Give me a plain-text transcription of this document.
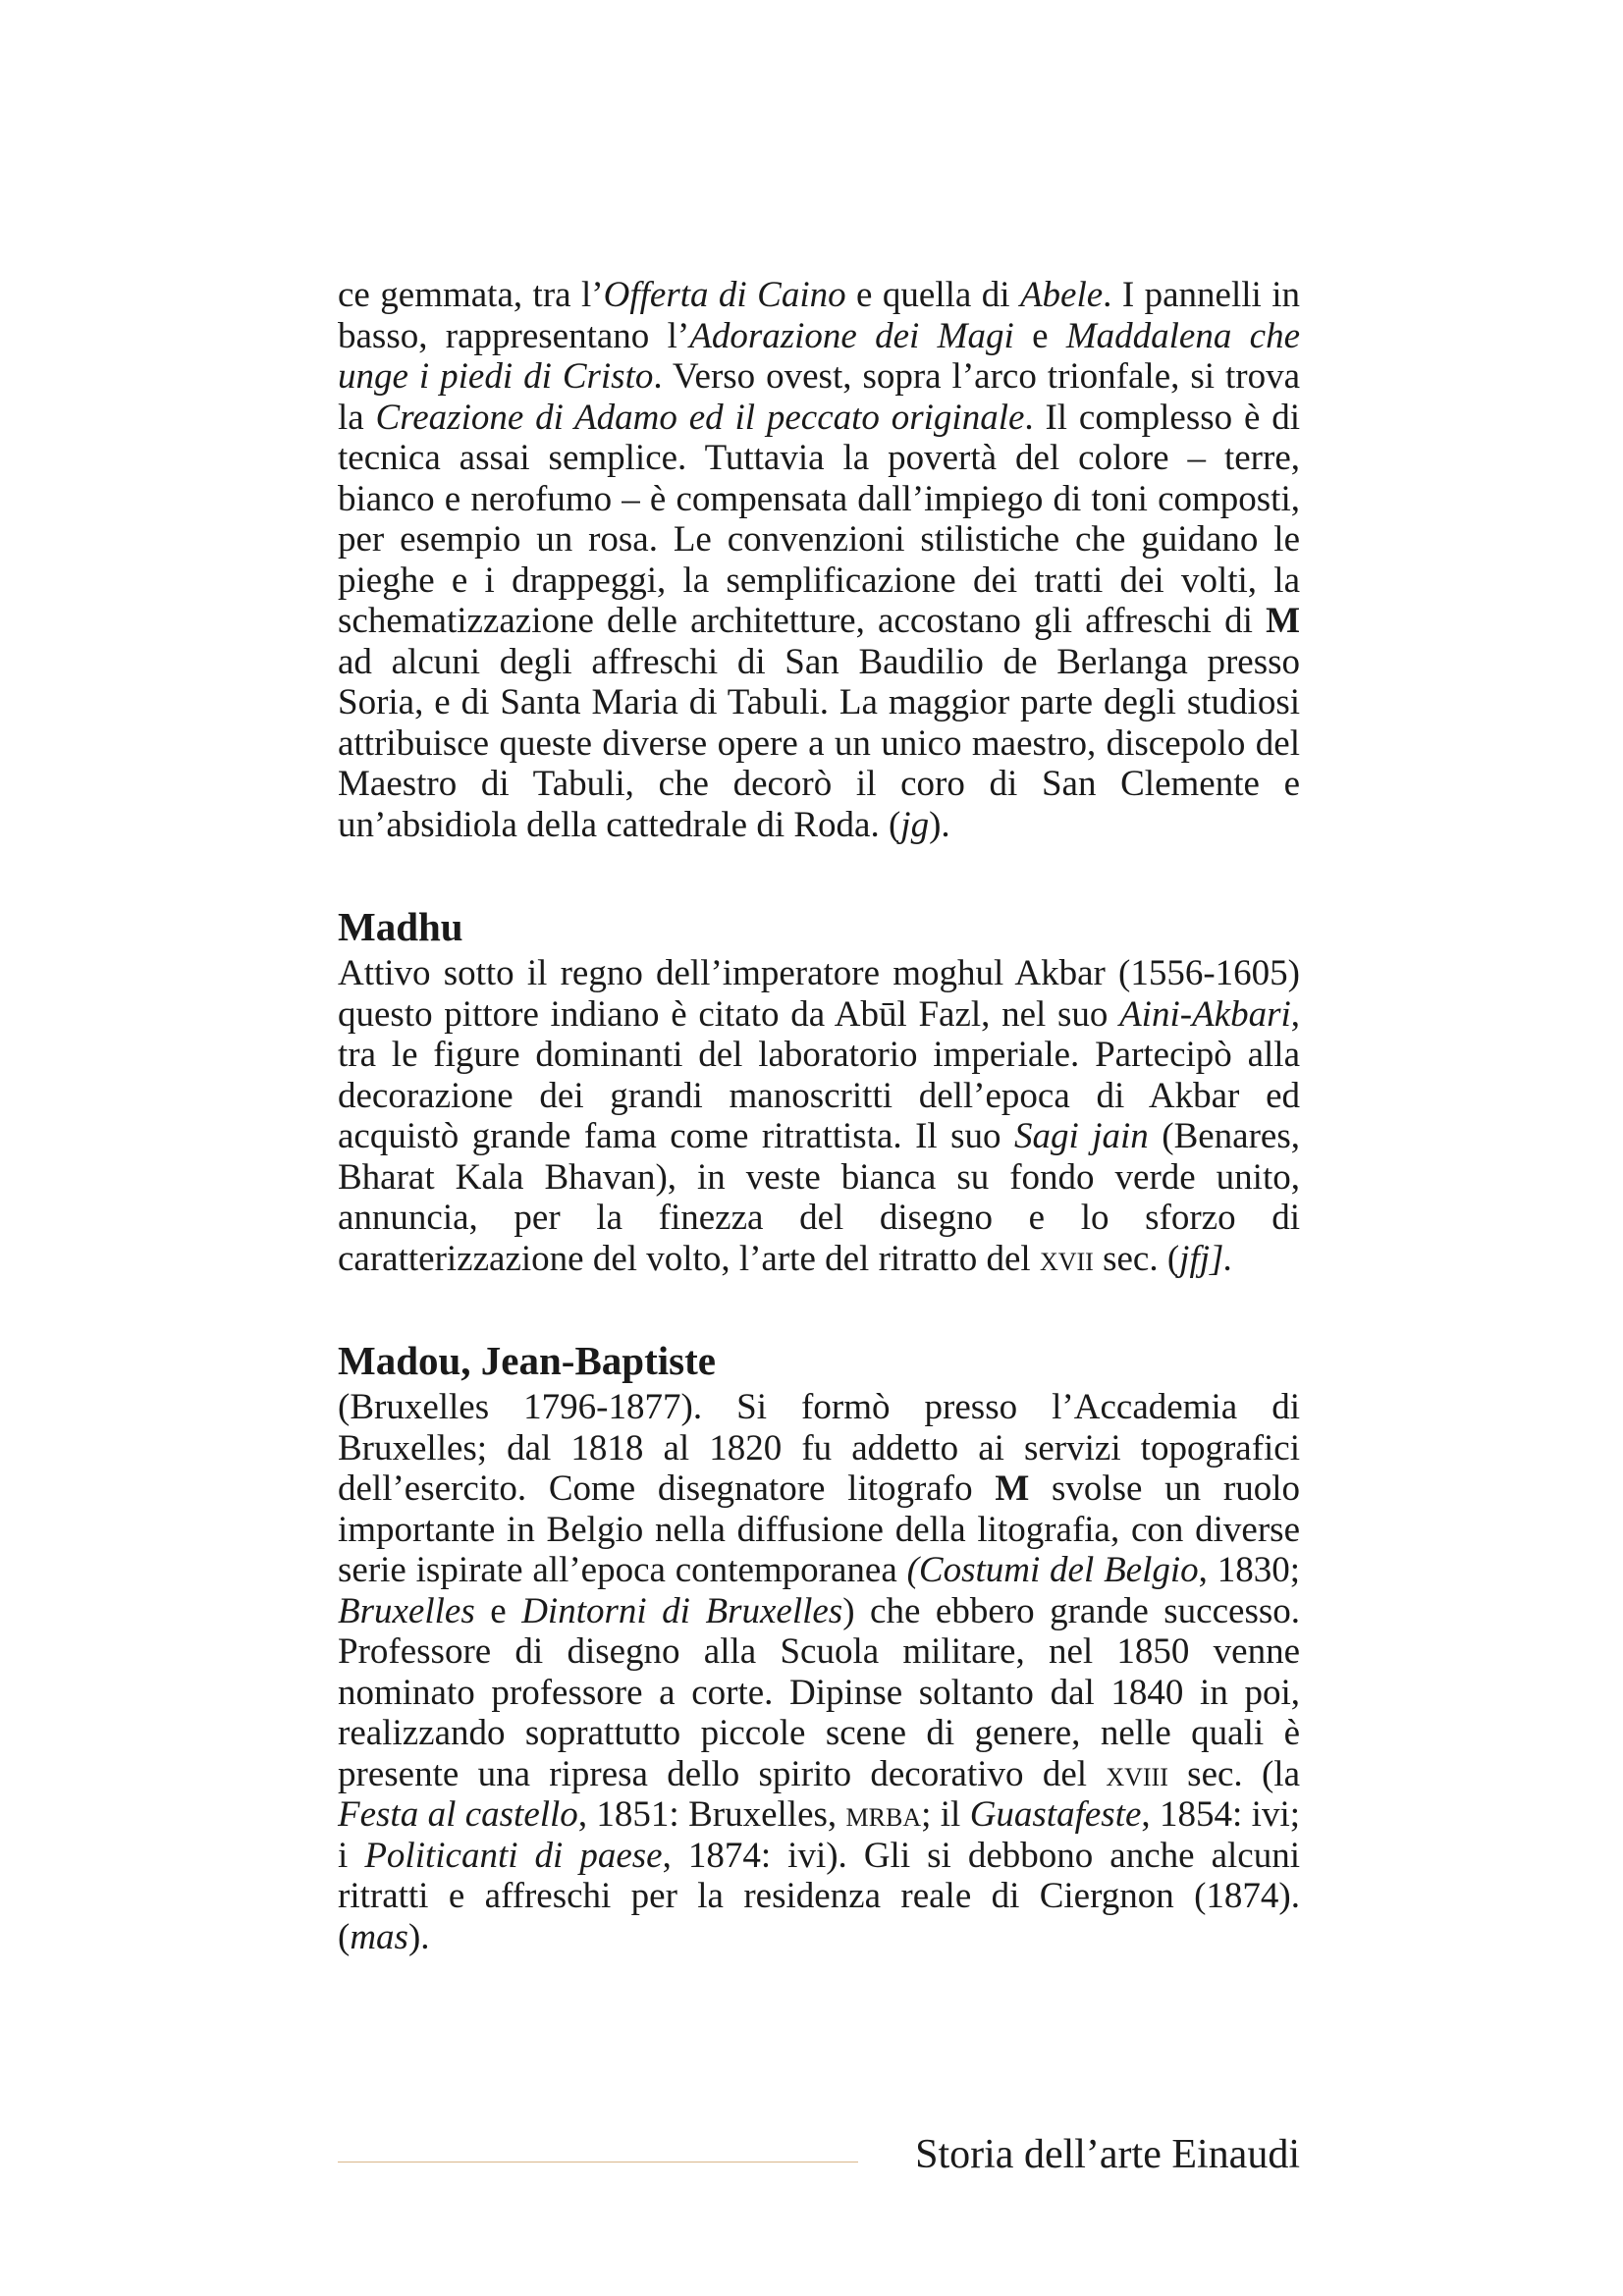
ce gemmata, tra l’Offerta di Caino e quella di Abele. I pannelli in basso, rappresentano l’Adorazione dei Magi e Maddalena che unge i piedi di Cristo. Verso ovest, sopra l’arco trionfale, si trova la Creazione di Adamo ed il peccato originale. Il complesso è di tecnica assai semplice. Tuttavia la povertà del colore – terre, bianco e nerofumo – è compensata dall’impiego di toni composti, per esempio un rosa. Le convenzioni stilistiche che guidano le pieghe e i drappeggi, la semplificazione dei tratti dei volti, la schematizzazione delle architetture, accostano gli affreschi di M ad alcuni degli affreschi di San Baudilio de Berlanga presso Soria, e di Santa Maria di Tabuli. La maggior parte degli studiosi attribuisce queste diverse opere a un unico maestro, discepolo del Maestro di Tabuli, che decorò il coro di San Clemente e un’absidiola della cattedrale di Roda. (jg).

Madhu

Attivo sotto il regno dell’imperatore moghul Akbar (1556-1605) questo pittore indiano è citato da Abūl Fazl, nel suo Aini-Akbari, tra le figure dominanti del laboratorio imperiale. Partecipò alla decorazione dei grandi manoscritti dell’epoca di Akbar ed acquistò grande fama come ritrattista. Il suo Sagi jain (Benares, Bharat Kala Bhavan), in veste bianca su fondo verde unito, annuncia, per la finezza del disegno e lo sforzo di caratterizzazione del volto, l’arte del ritratto del xvii sec. (jfj].

Madou, Jean-Baptiste

(Bruxelles 1796-1877). Si formò presso l’Accademia di Bruxelles; dal 1818 al 1820 fu addetto ai servizi topografici dell’esercito. Come disegnatore litografo M svolse un ruolo importante in Belgio nella diffusione della litografia, con diverse serie ispirate all’epoca contemporanea (Costumi del Belgio, 1830; Bruxelles e Dintorni di Bruxelles) che ebbero grande successo. Professore di disegno alla Scuola militare, nel 1850 venne nominato professore a corte. Dipinse soltanto dal 1840 in poi, realizzando soprattutto piccole scene di genere, nelle quali è presente una ripresa dello spirito decorativo del xviii sec. (la Festa al castello, 1851: Bruxelles, mrba; il Guastafeste, 1854: ivi; i Politicanti di paese, 1874: ivi). Gli si debbono anche alcuni ritratti e affreschi per la residenza reale di Ciergnon (1874). (mas).

Storia dell’arte Einaudi
